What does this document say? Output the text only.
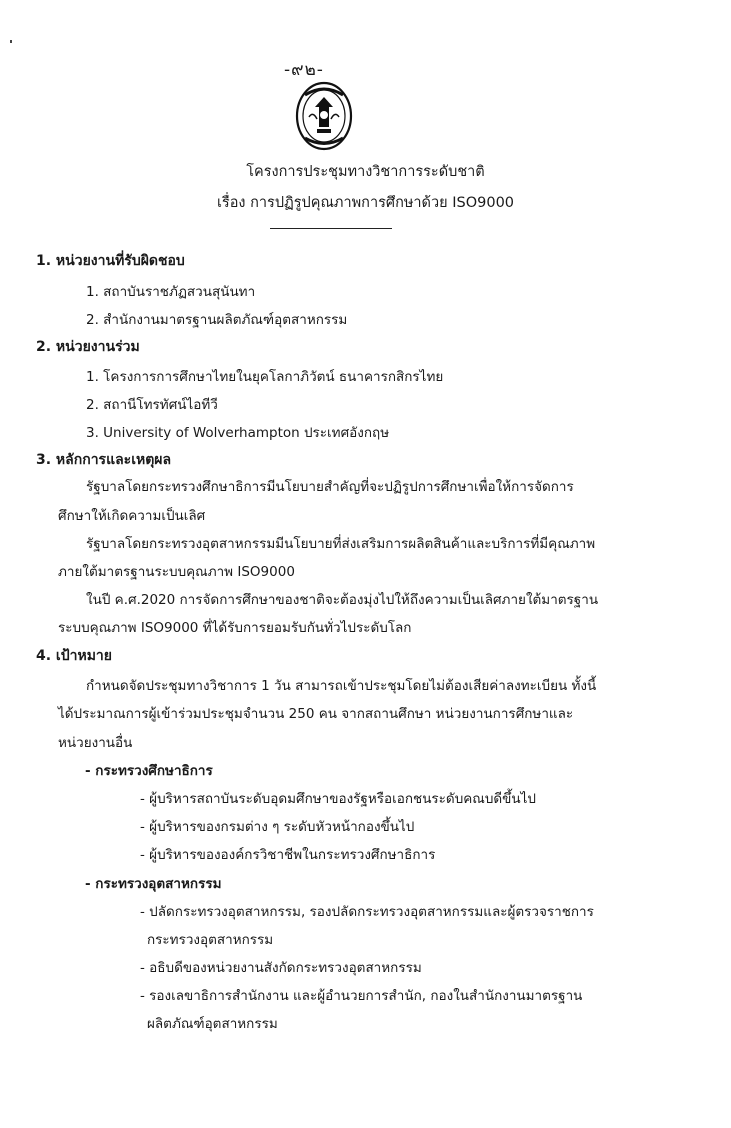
-๙๒-
โครงการประชุมทางวิชาการระดับชาติ
เรื่อง การปฏิรูปคุณภาพการศึกษาด้วย ISO9000
1. หน่วยงานที่รับผิดชอบ
1. สถาบันราชภัฏสวนสุนันทา
2. สำนักงานมาตรฐานผลิตภัณฑ์อุตสาหกรรม
2. หน่วยงานร่วม
1. โครงการการศึกษาไทยในยุคโลกาภิวัตน์ ธนาคารกสิกรไทย
2. สถานีโทรทัศน์ไอทีวี
3. University of Wolverhampton ประเทศอังกฤษ
3. หลักการและเหตุผล
รัฐบาลโดยกระทรวงศึกษาธิการมีนโยบายสำคัญที่จะปฏิรูปการศึกษาเพื่อให้การจัดการ
ศึกษาให้เกิดความเป็นเลิศ
รัฐบาลโดยกระทรวงอุตสาหกรรมมีนโยบายที่ส่งเสริมการผลิตสินค้าและบริการที่มีคุณภาพ
ภายใต้มาตรฐานระบบคุณภาพ ISO9000
ในปี ค.ศ.2020 การจัดการศึกษาของชาติจะต้องมุ่งไปให้ถึงความเป็นเลิศภายใต้มาตรฐาน
ระบบคุณภาพ ISO9000 ที่ได้รับการยอมรับกันทั่วไประดับโลก
4. เป้าหมาย
กำหนดจัดประชุมทางวิชาการ 1 วัน สามารถเข้าประชุมโดยไม่ต้องเสียค่าลงทะเบียน ทั้งนี้
ได้ประมาณการผู้เข้าร่วมประชุมจำนวน 250 คน จากสถานศึกษา หน่วยงานการศึกษาและ
หน่วยงานอื่น
- กระทรวงศึกษาธิการ
- ผู้บริหารสถาบันระดับอุดมศึกษาของรัฐหรือเอกชนระดับคณบดีขึ้นไป
- ผู้บริหารของกรมต่าง ๆ ระดับหัวหน้ากองขึ้นไป
- ผู้บริหารขององค์กรวิชาชีพในกระทรวงศึกษาธิการ
- กระทรวงอุตสาหกรรม
- ปลัดกระทรวงอุตสาหกรรม, รองปลัดกระทรวงอุตสาหกรรมและผู้ตรวจราชการ
กระทรวงอุตสาหกรรม
- อธิบดีของหน่วยงานสังกัดกระทรวงอุตสาหกรรม
- รองเลขาธิการสำนักงาน และผู้อำนวยการสำนัก, กองในสำนักงานมาตรฐาน
ผลิตภัณฑ์อุตสาหกรรม
